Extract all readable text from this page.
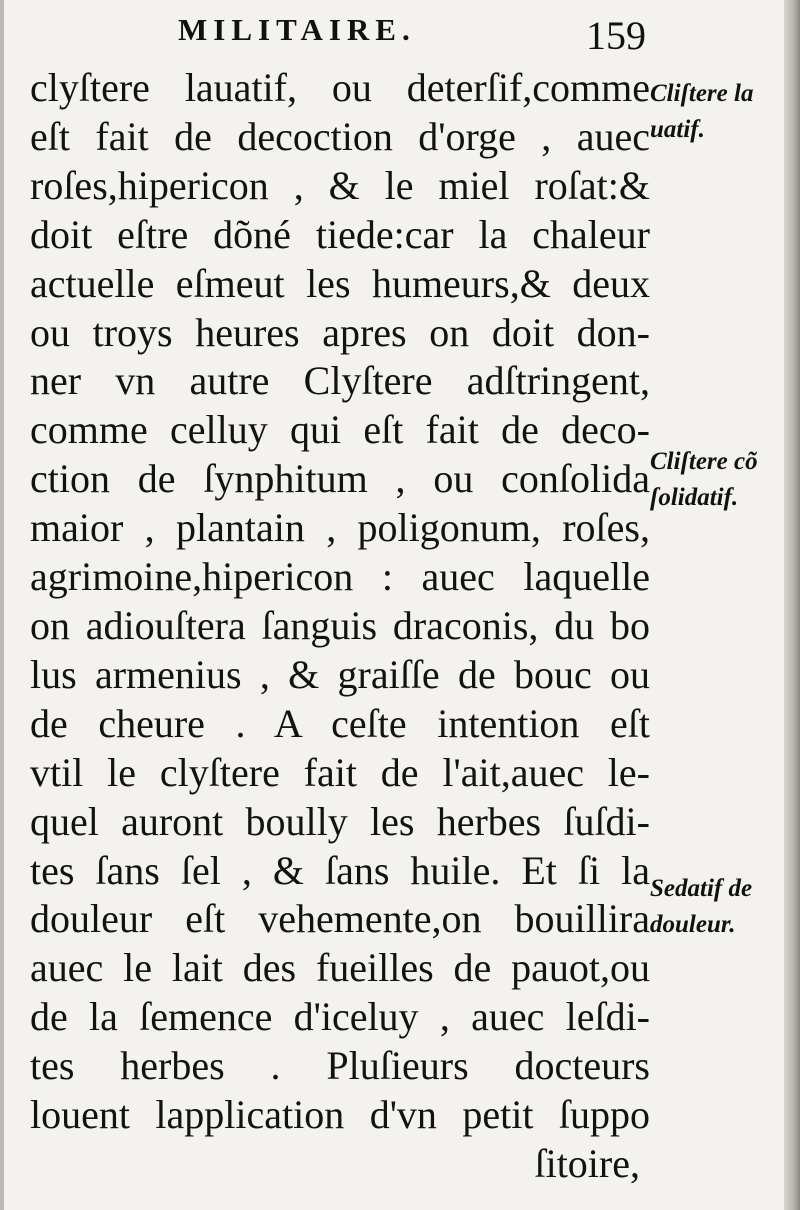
MILITAIRE.	159
clyſtere lauatif, ou deterſif,comme
eſt fait de decoction d'orge , auec
roſes,hipericon , & le miel roſat:&
doit eſtre dõné tiede:car la chaleur
actuelle eſmeut les humeurs,& deux
ou troys heures apres on doit don-
ner vn autre Clyſtere adſtringent,
comme celluy qui eſt fait de deco-
ction de ſynphitum , ou conſolida
maior , plantain , poligonum, roſes,
agrimoine,hipericon : auec laquelle
on adiouſtera ſanguis draconis, du bo
lus armenius , & graiſſe de bouc ou
de cheure . A ceſte intention eſt
vtil le clyſtere fait de l'ait,auec le-
quel auront boully les herbes ſuſdi-
tes ſans ſel , & ſans huile. Et ſi la
douleur eſt vehemente,on bouillira
auec le lait des fueilles de pauot,ou
de la ſemence d'iceluy , auec leſdi-
tes herbes . Pluſieurs docteurs
louent lapplication d'vn petit ſuppo
ſitoire,
Cliſtere la
uatif.
Cliſtere cõ
ſolidatif.
Sedatif de
douleur.
